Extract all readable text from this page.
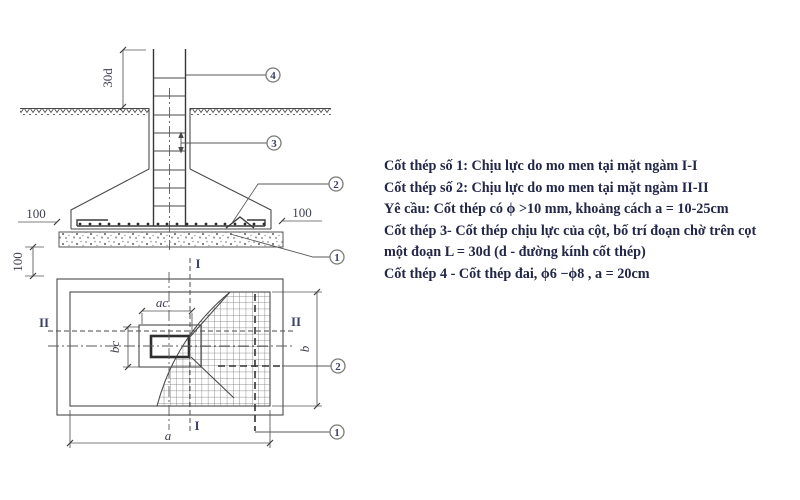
30d
100	100
100
4
3
2
1
I
I
II	II
2
1
ac
bc
a
b
Cốt thép số 1: Chịu lực do mo men tại mặt ngàm I-I
Cốt thép số 2: Chịu lực do mo men tại mặt ngàm II-II
Yê cầu: Cốt thép có ϕ >10 mm, khoảng cách a = 10-25cm
Cốt thép 3- Cốt thép chịu lực của cột, bố trí đoạn chờ trên cọt
một đoạn L = 30d (d - đường kính cốt thép)
Cốt thép 4 - Cốt thép đai, ϕ6 −ϕ8 , a = 20cm
